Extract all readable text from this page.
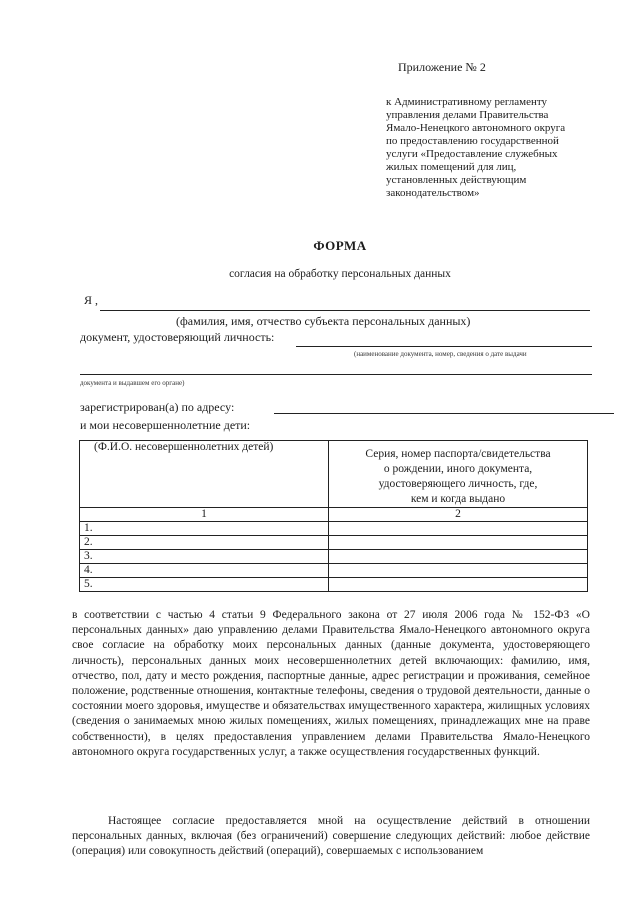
Приложение № 2
к Административному регламенту
управления делами Правительства
Ямало-Ненецкого автономного округа
по предоставлению государственной
услуги «Предоставление служебных
жилых помещений для лиц,
установленных действующим
законодательством»
ФОРМА
согласия на обработку персональных данных
Я ,
(фамилия, имя, отчество субъекта персональных данных)
документ, удостоверяющий личность:
(наименование документа, номер, сведения о дате выдачи
документа и выдавшем его органе)
зарегистрирован(а) по адресу:
и мои несовершеннолетние дети:
(Ф.И.О. несовершеннолетних детей)	Серия, номер паспорта/свидетельства
о рождении, иного документа,
удостоверяющего личность, где,
кем и когда выдано

1	2
1.	
2.	
3.	
4.	
5.	

в соответствии с частью 4 статьи 9 Федерального закона от 27 июля 2006 года № 152-ФЗ «О персональных данных» даю управлению делами Правительства Ямало-Ненецкого автономного округа свое согласие на обработку моих персональных данных (данные документа, удостоверяющего личность), персональных данных моих несовершеннолетних детей включающих: фамилию, имя, отчество, пол, дату и место рождения, паспортные данные, адрес регистрации и проживания, семейное положение, родственные отношения, контактные телефоны, сведения о трудовой деятельности, данные о состоянии моего здоровья, имуществе и обязательствах имущественного характера, жилищных условиях (сведения о занимаемых мною жилых помещениях, жилых помещениях, принадлежащих мне на праве собственности), в целях предоставления управлением делами Правительства Ямало-Ненецкого автономного округа государственных услуг, а также осуществления государственных функций.

Настоящее согласие предоставляется мной на осуществление действий в отношении персональных данных, включая (без ограничений) совершение следующих действий: любое действие (операция) или совокупность действий (операций), совершаемых с использованием
